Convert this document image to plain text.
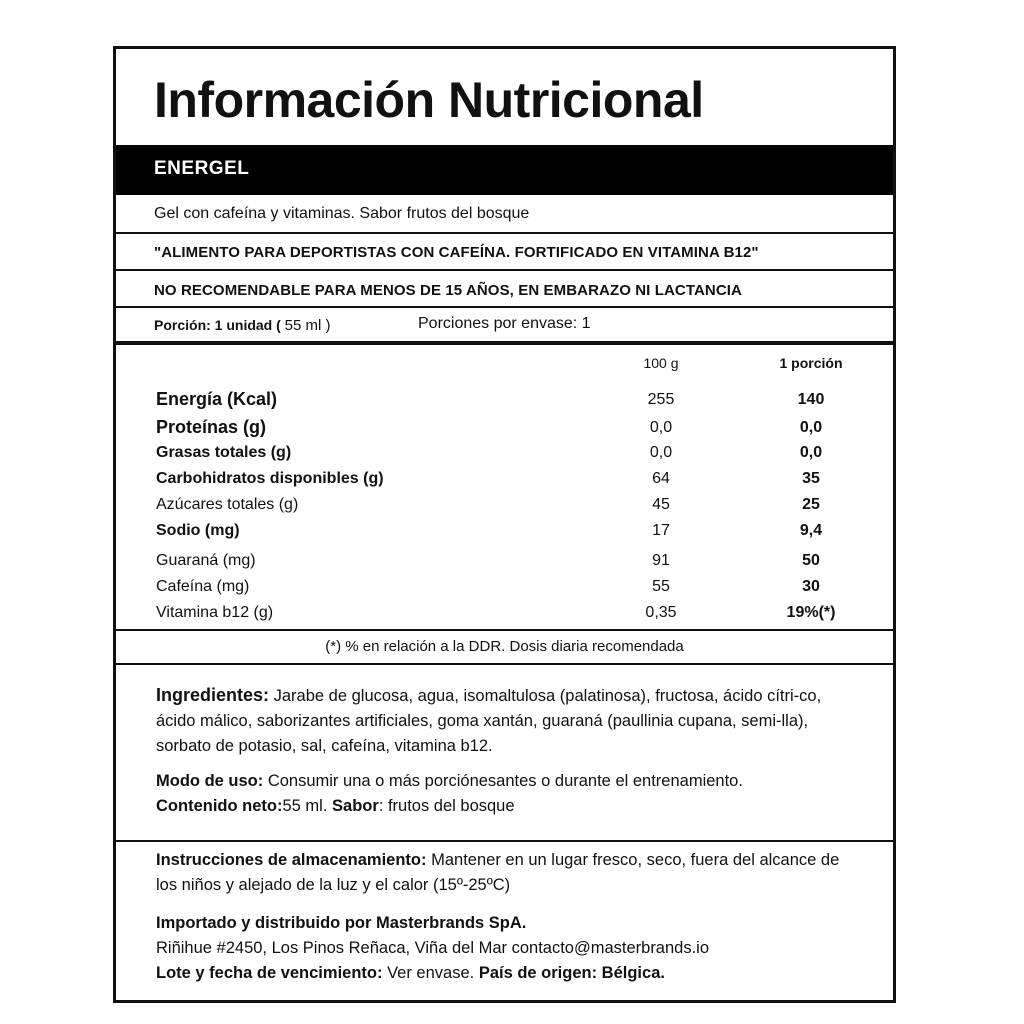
Información Nutricional
ENERGEL
Gel con cafeína y vitaminas. Sabor frutos del bosque
"ALIMENTO PARA DEPORTISTAS CON CAFEÍNA. FORTIFICADO EN VITAMINA B12"
NO RECOMENDABLE PARA MENOS DE 15 AÑOS, EN EMBARAZO NI LACTANCIA
Porción: 1 unidad ( 55 ml )	Porciones por envase: 1
100 g	1 porción
Energía (Kcal)	255	140
Proteínas (g)	0,0	0,0
Grasas totales (g)	0,0	0,0
Carbohidratos disponibles (g)	64	35
Azúcares totales (g)	45	25
Sodio (mg)	17	9,4
Guaraná (mg)	91	50
Cafeína (mg)	55	30
Vitamina b12 (g)	0,35	19%(*)
(*) % en relación a la DDR. Dosis diaria recomendada
Ingredientes: Jarabe de glucosa, agua, isomaltulosa (palatinosa), fructosa, ácido cítri-co, ácido málico, saborizantes artificiales, goma xantán, guaraná (paullinia cupana, semi-lla), sorbato de potasio, sal, cafeína, vitamina b12.
Modo de uso: Consumir una o más porciónesantes o durante el entrenamiento.
Contenido neto:55 ml. Sabor: frutos del bosque
Instrucciones de almacenamiento: Mantener en un lugar fresco, seco, fuera del alcance de los niños y alejado de la luz y el calor (15º-25ºC)
Importado y distribuido por Masterbrands SpA.
Riñihue #2450, Los Pinos Reñaca, Viña del Mar contacto@masterbrands.io
Lote y fecha de vencimiento: Ver envase. País de origen: Bélgica.
